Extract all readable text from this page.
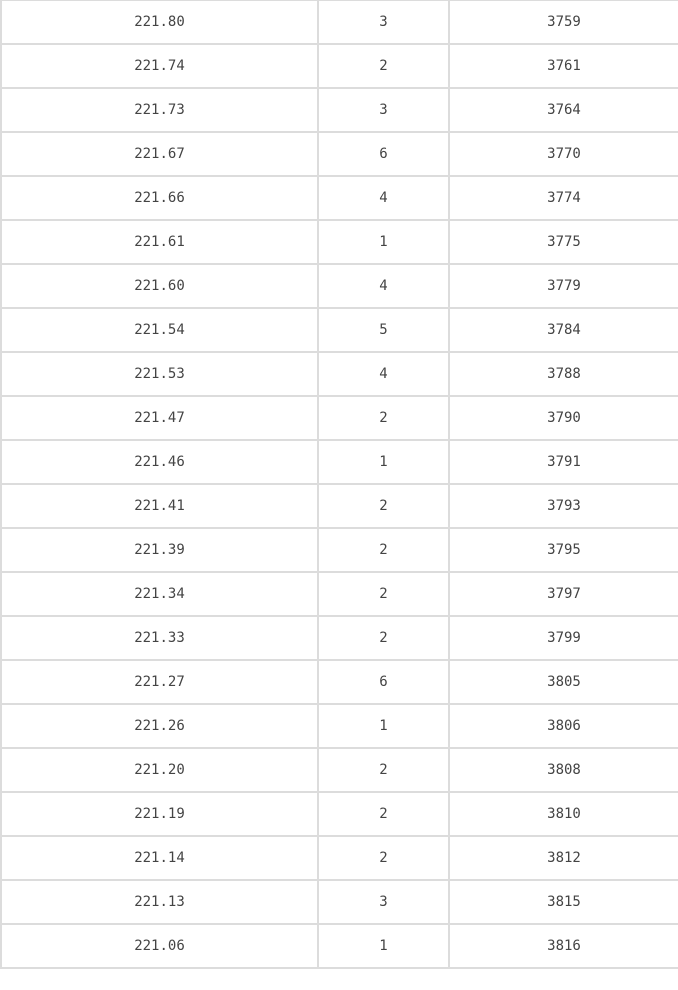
221.80	3	3759
221.74	2	3761
221.73	3	3764
221.67	6	3770
221.66	4	3774
221.61	1	3775
221.60	4	3779
221.54	5	3784
221.53	4	3788
221.47	2	3790
221.46	1	3791
221.41	2	3793
221.39	2	3795
221.34	2	3797
221.33	2	3799
221.27	6	3805
221.26	1	3806
221.20	2	3808
221.19	2	3810
221.14	2	3812
221.13	3	3815
221.06	1	3816
